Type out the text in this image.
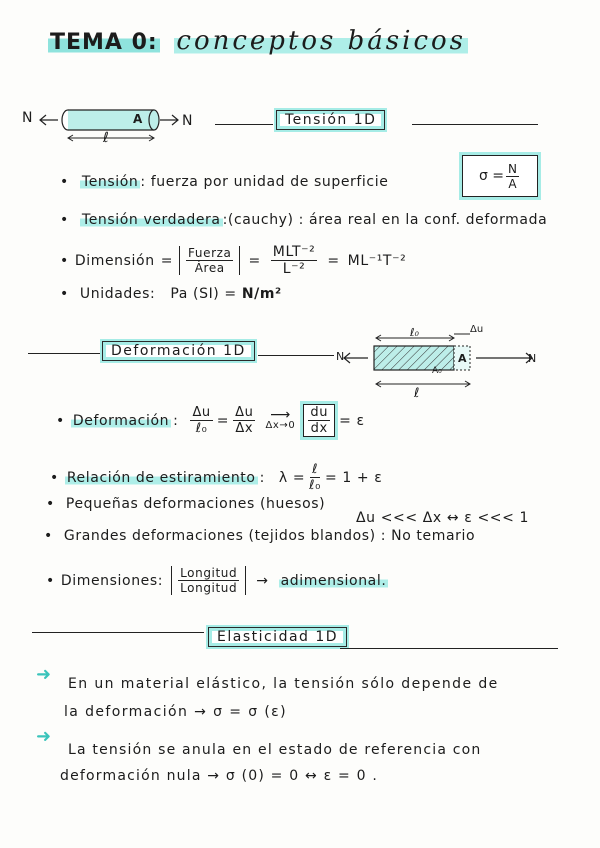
TEMA 0: conceptos básicos
N	N
A
ℓ
Tensión 1D
• Tensión : fuerza por unidad de superficie	$\sigma = \frac{N}{A}$
• Tensión verdadera :(cauchy) : área real en la conf. deformada
• Dimensión = $\frac{\text{Fuerza}}{\text{Área}} = \frac{\text{MLT⁻²}}{\text{L⁻²}} = ML^{-1}T^{-2}$
• Unidades: Pa (SI) = N/m²
Deformación 1D	N	N
ℓ₀	Δu
A
A₀
ℓ
• Deformación : $\frac{\Delta u}{\text{ℓ₀}} = \frac{\Delta u}{\Delta x}$ ⟶
$\Delta x\to 0 \frac{du}{dx} = \varepsilon$
• Relación de estiramiento : $\lambda = \frac{\text{ℓ}}{\text{ℓ₀}} = 1 + \varepsilon$
• Pequeñas deformaciones (huesos)
Δu <<< Δx ↔ ε <<< 1
• Grandes deformaciones (tejidos blandos) : No temario
• Dimensiones: $\frac{\text{Longitud}}{\text{Longitud}}$ → adimensional.
Elasticidad 1D
➜ En un material elástico, la tensión sólo depende de
la deformación → σ = σ (ε)
➜
La tensión se anula en el estado de referencia con
deformación nula → σ (0) = 0 ↔ ε = 0 .
